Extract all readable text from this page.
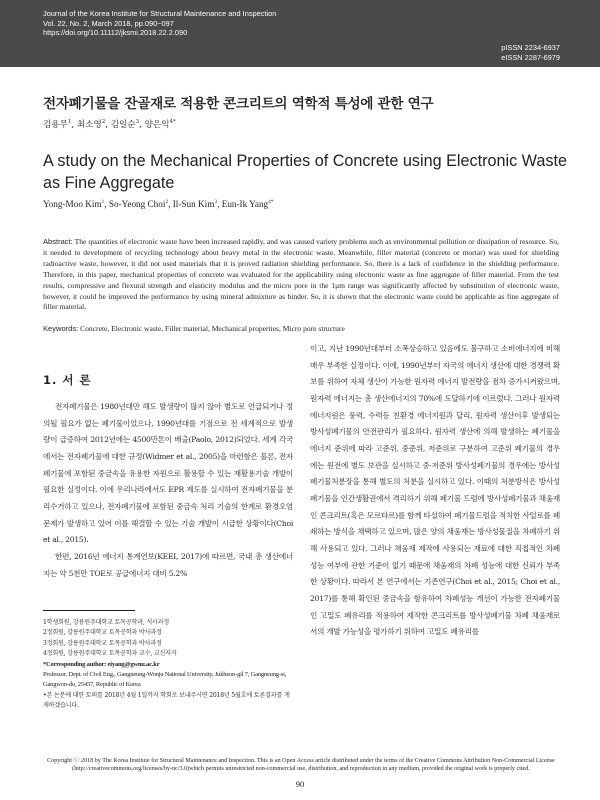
Journal of the Korea Institute for Structural Maintenance and Inspection
Vol. 22, No. 2, March 2018, pp.090~097
https://doi.org/10.11112/jksmi.2018.22.2.090
pISSN 2234-6937
eISSN 2287-6979
전자폐기물을 잔골재로 적용한 콘크리트의 역학적 특성에 관한 연구
김용무$^1$, 최소영$^2$, 김일순$^3$, 양은익$^{4*}$
A study on the Mechanical Properties of Concrete using Electronic Waste as Fine Aggregate
Yong-Moo Kim$^1$, So-Yeong Choi$^2$, Il-Sun Kim$^3$, Eun-Ik Yang$^{4*}$
Abstract: The quantities of electronic waste have been increased rapidly, and was caused variety problems such as environmental pollution or dissipation of resource. So, it needed to development of recycling technology about heavy metal in the electronic waste. Meanwhile, filler material (concrete or mortar) was used for shielding radioactive waste, however, it did not used materials that it is proved radiation shielding performance. So, there is a lack of confidence in the shielding performance. Therefore, in this paper, mechanical properties of concrete was evaluated for the applicability using electronic waste as fine aggregate of filler material. From the test results, compressive and flexural strength and elasticity modulus and the micro pore in the 1μm range was significantly affected by substitution of electronic waste, however, it could be improved the performance by using mineral admixture as binder. So, it is shown that the electronic waste could be applicable as fine aggregate of filler material.
Keywords: Concrete, Electronic waste, Filler material, Mechanical properties, Micro pore structure
1. 서 론
전자폐기물은 1980년대만 해도 발생량이 많지 않아 별도로 언급되거나 정의될 필요가 없는 폐기물이었으나, 1990년대를 기점으로 전 세계적으로 발생량이 급증하여 2012년에는 4500만톤이 배출(Paolo, 2012)되었다. 세계 각국에서는 전자폐기물에 대한 규정(Widmer et al., 2005)을 마련함은 물론, 전자폐기물에 포함된 중금속을 유용한 자원으로 활용할 수 있는 재활용기술 개발이 필요한 실정이다. 이에 우리나라에서도 EPR 제도를 실시하여 전자폐기물을 분리수거하고 있으나, 전자폐기물에 포함된 중금속 처리 기술의 한계로 환경오염문제가 발생하고 있어 이를 해결할 수 있는 기술 개발이 시급한 상황이다(Choi et al., 2015).
한편, 2016년 에너지 통계연보(KEEI, 2017)에 따르면, 국내 총 생산에너지는 약 5천만 TOE로 공급에너지 대비 5.2%
이고, 지난 1990년대부터 소폭상승하고 있음에도 불구하고 소비에너지에 비해 매우 부족한 실정이다. 이에, 1990년부터 자국의 에너지 생산에 대한 경쟁력 확보를 위하여 자체 생산이 가능한 원자력 에너지 발전량을 점차 증가시켜왔으며, 원자력 에너지는 총 생산에너지의 70%에 도달하기에 이르렀다. 그러나 원자력에너지원은 풍력, 수력등 친환경 에너지원과 달리, 원자력 생산이후 발생되는 방사성폐기물의 안전관리가 필요하다. 원자력 생산에 의해 발생하는 폐기물을 에너지 준위에 따라 고준위, 중준위, 저준위로 구분하여 고준위 폐기물의 경우에는 원전에 별도 보관을 실시하고 중·저준위 방사성폐기물의 경우에는 방사성폐기물처분장을 통해 별도의 처분을 실시하고 있다. 이때의 처분방식은 방사성폐기물을 인간생활권에서 격리하기 위해 폐기물 드럼에 방사성폐기물과 채움재인 콘크리트(혹은 모르타르)를 함께 타설하여 폐기물드럼을 적치한 사일로를 폐쇄하는 방식을 채택하고 있으며, 많은 양의 채움재는 방사성물질을 차폐하기 위해 사용되고 있다. 그러나 채움재 제작에 사용되는 재료에 대한 직접적인 차폐성능 여부에 관한 기준이 없기 때문에 채움재의 차폐 성능에 대한 신뢰가 부족한 상황이다. 따라서 본 연구에서는 기존연구(Choi et al., 2015; Choi et al., 2017)를 통해 확인된 중금속을 함유하여 차폐성능 개선이 가능한 전자폐기물인 고밀도 폐유리를 적용하여 제작한 콘크리트를 방사성폐기물 차폐 채움재로서의 개발 가능성을 평가하기 위하여 고밀도 폐유리를
1학생회원, 강릉원주대학교 토목공학과, 석사과정
2정회원, 강릉원주대학교 토목공학과 박사과정
3정회원, 강릉원주대학교 토목공학과 박사과정
4정회원, 강릉원주대학교 토목공학과 교수, 교신저자
*Corresponding author: eiyang@gwnu.ac.kr
Professor, Dept. of Civil Eng., Gangneung-Wonju National University, Jukheon-gil 7, Gangneung-si, Gangwon-do, 25457, Republic of Korea
•본 논문에 대한 토의를 2018년 4월 1일까지 학회로 보내주시면 2018년 5월호에 토론결과를 게재하겠습니다.
Copyright ⓒ 2018 by The Korea Institute for Structural Maintenance and Inspection. This is an Open Access article distributed under the terms of the Creative Commons Attribution Non-Commercial License (http://creativecommons.org/licenses/by-nc/3.0)which permits unrestricted non-commercial use, distribution, and reproduction in any medium, provided the original work is properly cited.
90
